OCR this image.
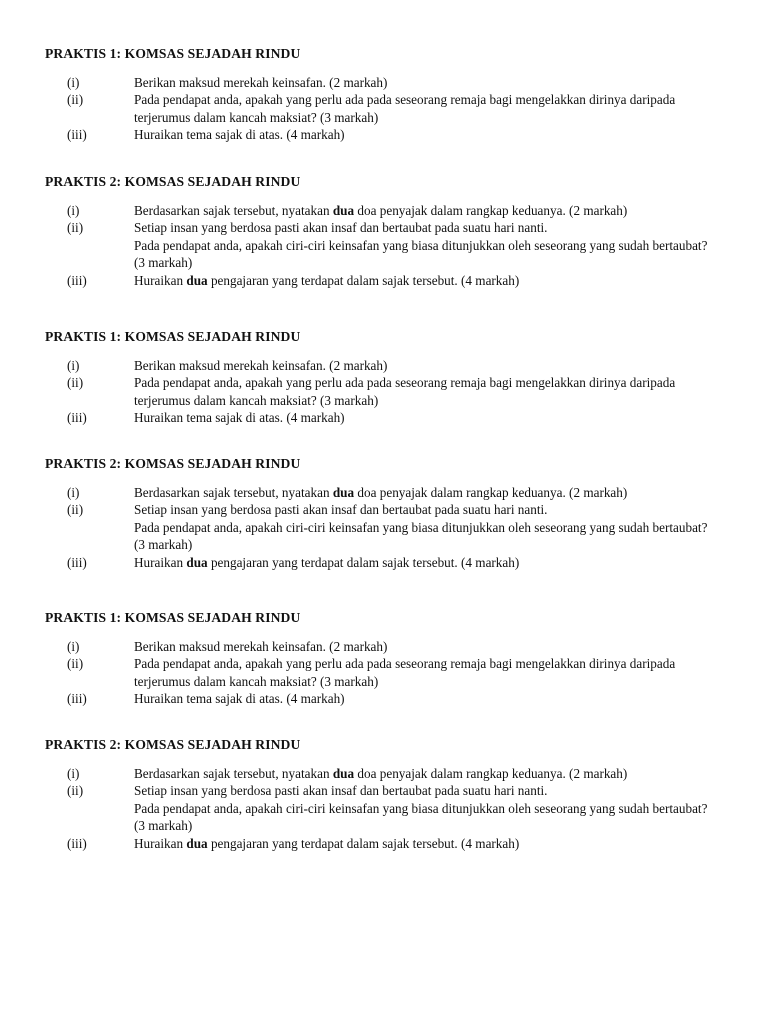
PRAKTIS 1: KOMSAS SEJADAH RINDU
(i)	Berikan maksud merekah keinsafan. (2 markah)
(ii)	Pada pendapat anda, apakah yang perlu ada pada seseorang remaja bagi mengelakkan dirinya daripada
terjerumus dalam kancah maksiat? (3 markah)
(iii)	Huraikan tema sajak di atas. (4 markah)
PRAKTIS 2: KOMSAS SEJADAH RINDU
(i)	Berdasarkan sajak tersebut, nyatakan dua doa penyajak dalam rangkap keduanya. (2 markah)
(ii)	Setiap insan yang berdosa pasti akan insaf dan bertaubat pada suatu hari nanti.
Pada pendapat anda, apakah ciri-ciri keinsafan yang biasa ditunjukkan oleh seseorang yang sudah bertaubat?
(3 markah)
(iii)	Huraikan dua pengajaran yang terdapat dalam sajak tersebut. (4 markah)
PRAKTIS 1: KOMSAS SEJADAH RINDU
(i)	Berikan maksud merekah keinsafan. (2 markah)
(ii)	Pada pendapat anda, apakah yang perlu ada pada seseorang remaja bagi mengelakkan dirinya daripada
terjerumus dalam kancah maksiat? (3 markah)
(iii)	Huraikan tema sajak di atas. (4 markah)
PRAKTIS 2: KOMSAS SEJADAH RINDU
(i)	Berdasarkan sajak tersebut, nyatakan dua doa penyajak dalam rangkap keduanya. (2 markah)
(ii)	Setiap insan yang berdosa pasti akan insaf dan bertaubat pada suatu hari nanti.
Pada pendapat anda, apakah ciri-ciri keinsafan yang biasa ditunjukkan oleh seseorang yang sudah bertaubat?
(3 markah)
(iii)	Huraikan dua pengajaran yang terdapat dalam sajak tersebut. (4 markah)
PRAKTIS 1: KOMSAS SEJADAH RINDU
(i)	Berikan maksud merekah keinsafan. (2 markah)
(ii)	Pada pendapat anda, apakah yang perlu ada pada seseorang remaja bagi mengelakkan dirinya daripada
terjerumus dalam kancah maksiat? (3 markah)
(iii)	Huraikan tema sajak di atas. (4 markah)
PRAKTIS 2: KOMSAS SEJADAH RINDU
(i)	Berdasarkan sajak tersebut, nyatakan dua doa penyajak dalam rangkap keduanya. (2 markah)
(ii)	Setiap insan yang berdosa pasti akan insaf dan bertaubat pada suatu hari nanti.
Pada pendapat anda, apakah ciri-ciri keinsafan yang biasa ditunjukkan oleh seseorang yang sudah bertaubat?
(3 markah)
(iii)	Huraikan dua pengajaran yang terdapat dalam sajak tersebut. (4 markah)
